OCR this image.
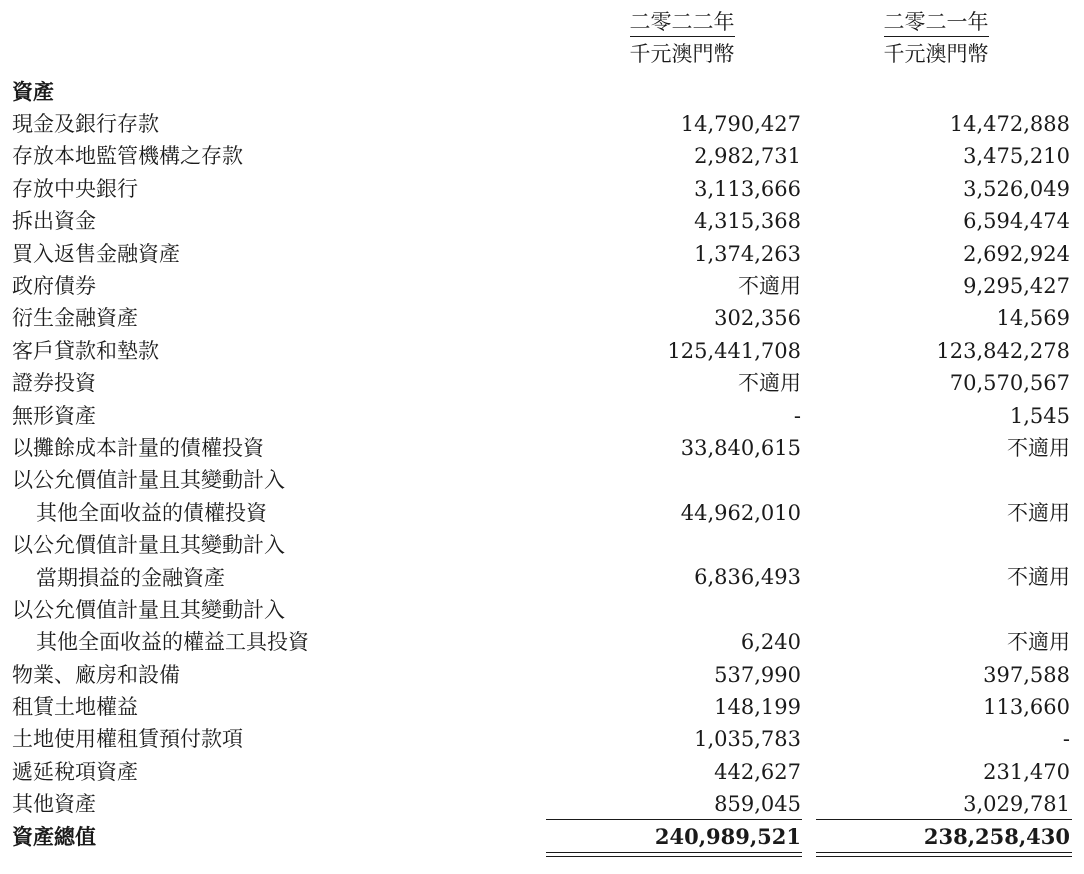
二零二二年
千元澳門幣
二零二一年
千元澳門幣
資產
現金及銀行存款	14,790,427	14,472,888
存放本地監管機構之存款	2,982,731	3,475,210
存放中央銀行	3,113,666	3,526,049
拆出資金	4,315,368	6,594,474
買入返售金融資產	1,374,263	2,692,924
政府債券	不適用	9,295,427
衍生金融資產	302,356	14,569
客戶貸款和墊款	125,441,708	123,842,278
證券投資	不適用	70,570,567
無形資產	-	1,545
以攤餘成本計量的債權投資	33,840,615	不適用
以公允價值計量且其變動計入
其他全面收益的債權投資	44,962,010	不適用
以公允價值計量且其變動計入
當期損益的金融資產	6,836,493	不適用
以公允價值計量且其變動計入
其他全面收益的權益工具投資	6,240	不適用
物業、廠房和設備	537,990	397,588
租賃土地權益	148,199	113,660
土地使用權租賃預付款項	1,035,783	-
遞延稅項資產	442,627	231,470
其他資產	859,045	3,029,781
資產總值	240,989,521	238,258,430
